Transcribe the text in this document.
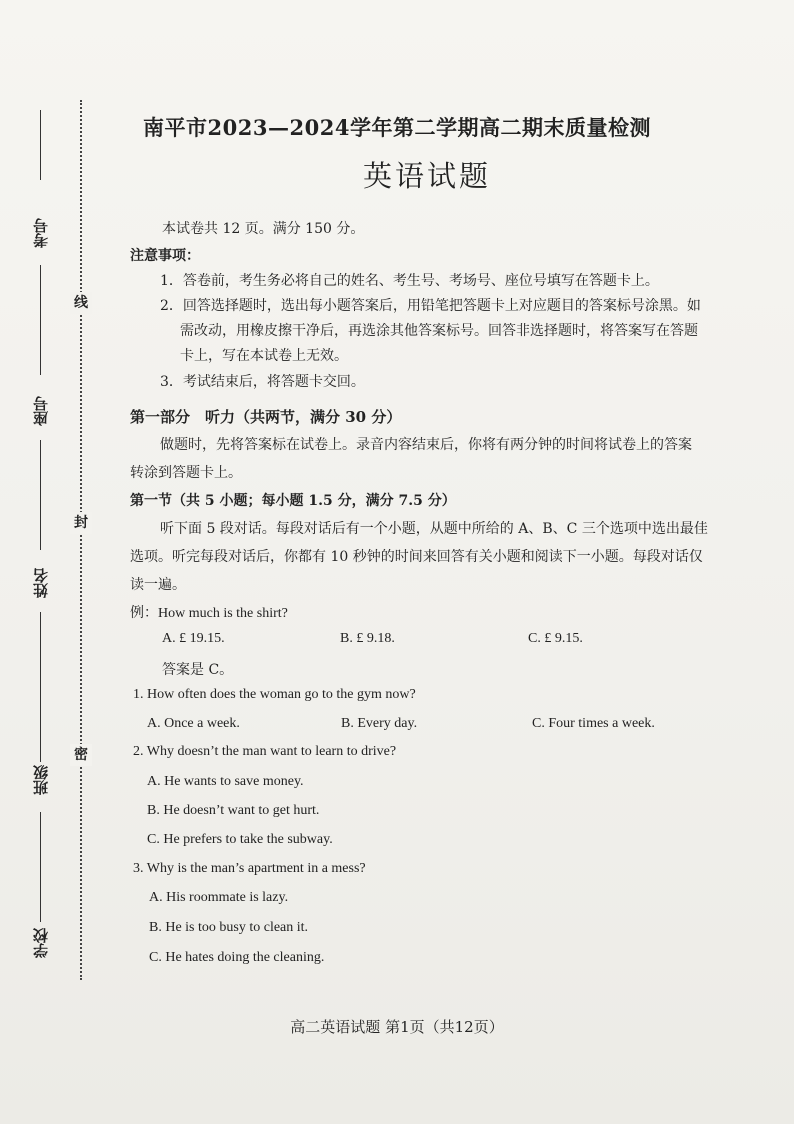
考号
座号
姓名
班级
学校
线
封
密
南平市2023—2024学年第二学期高二期末质量检测
英语试题
本试卷共 12 页。满分 150 分。
注意事项：
1．答卷前，考生务必将自己的姓名、考生号、考场号、座位号填写在答题卡上。
2．回答选择题时，选出每小题答案后，用铅笔把答题卡上对应题目的答案标号涂黑。如
需改动，用橡皮擦干净后，再选涂其他答案标号。回答非选择题时，将答案写在答题
卡上，写在本试卷上无效。
3．考试结束后，将答题卡交回。
第一部分　听力（共两节，满分 30 分）
做题时，先将答案标在试卷上。录音内容结束后，你将有两分钟的时间将试卷上的答案
转涂到答题卡上。
第一节（共 5 小题；每小题 1.5 分，满分 7.5 分）
听下面 5 段对话。每段对话后有一个小题，从题中所给的 A、B、C 三个选项中选出最佳
选项。听完每段对话后，你都有 10 秒钟的时间来回答有关小题和阅读下一小题。每段对话仅
读一遍。
例：How much is the shirt?
A. £ 19.15.	B. £ 9.18.	C. £ 9.15.
答案是 C。
1. How often does the woman go to the gym now?
A. Once a week.	B. Every day.	C. Four times a week.
2. Why doesn’t the man want to learn to drive?
A. He wants to save money.
B. He doesn’t want to get hurt.
C. He prefers to take the subway.
3. Why is the man’s apartment in a mess?
A. His roommate is lazy.
B. He is too busy to clean it.
C. He hates doing the cleaning.
高二英语试题 第1页（共12页）
